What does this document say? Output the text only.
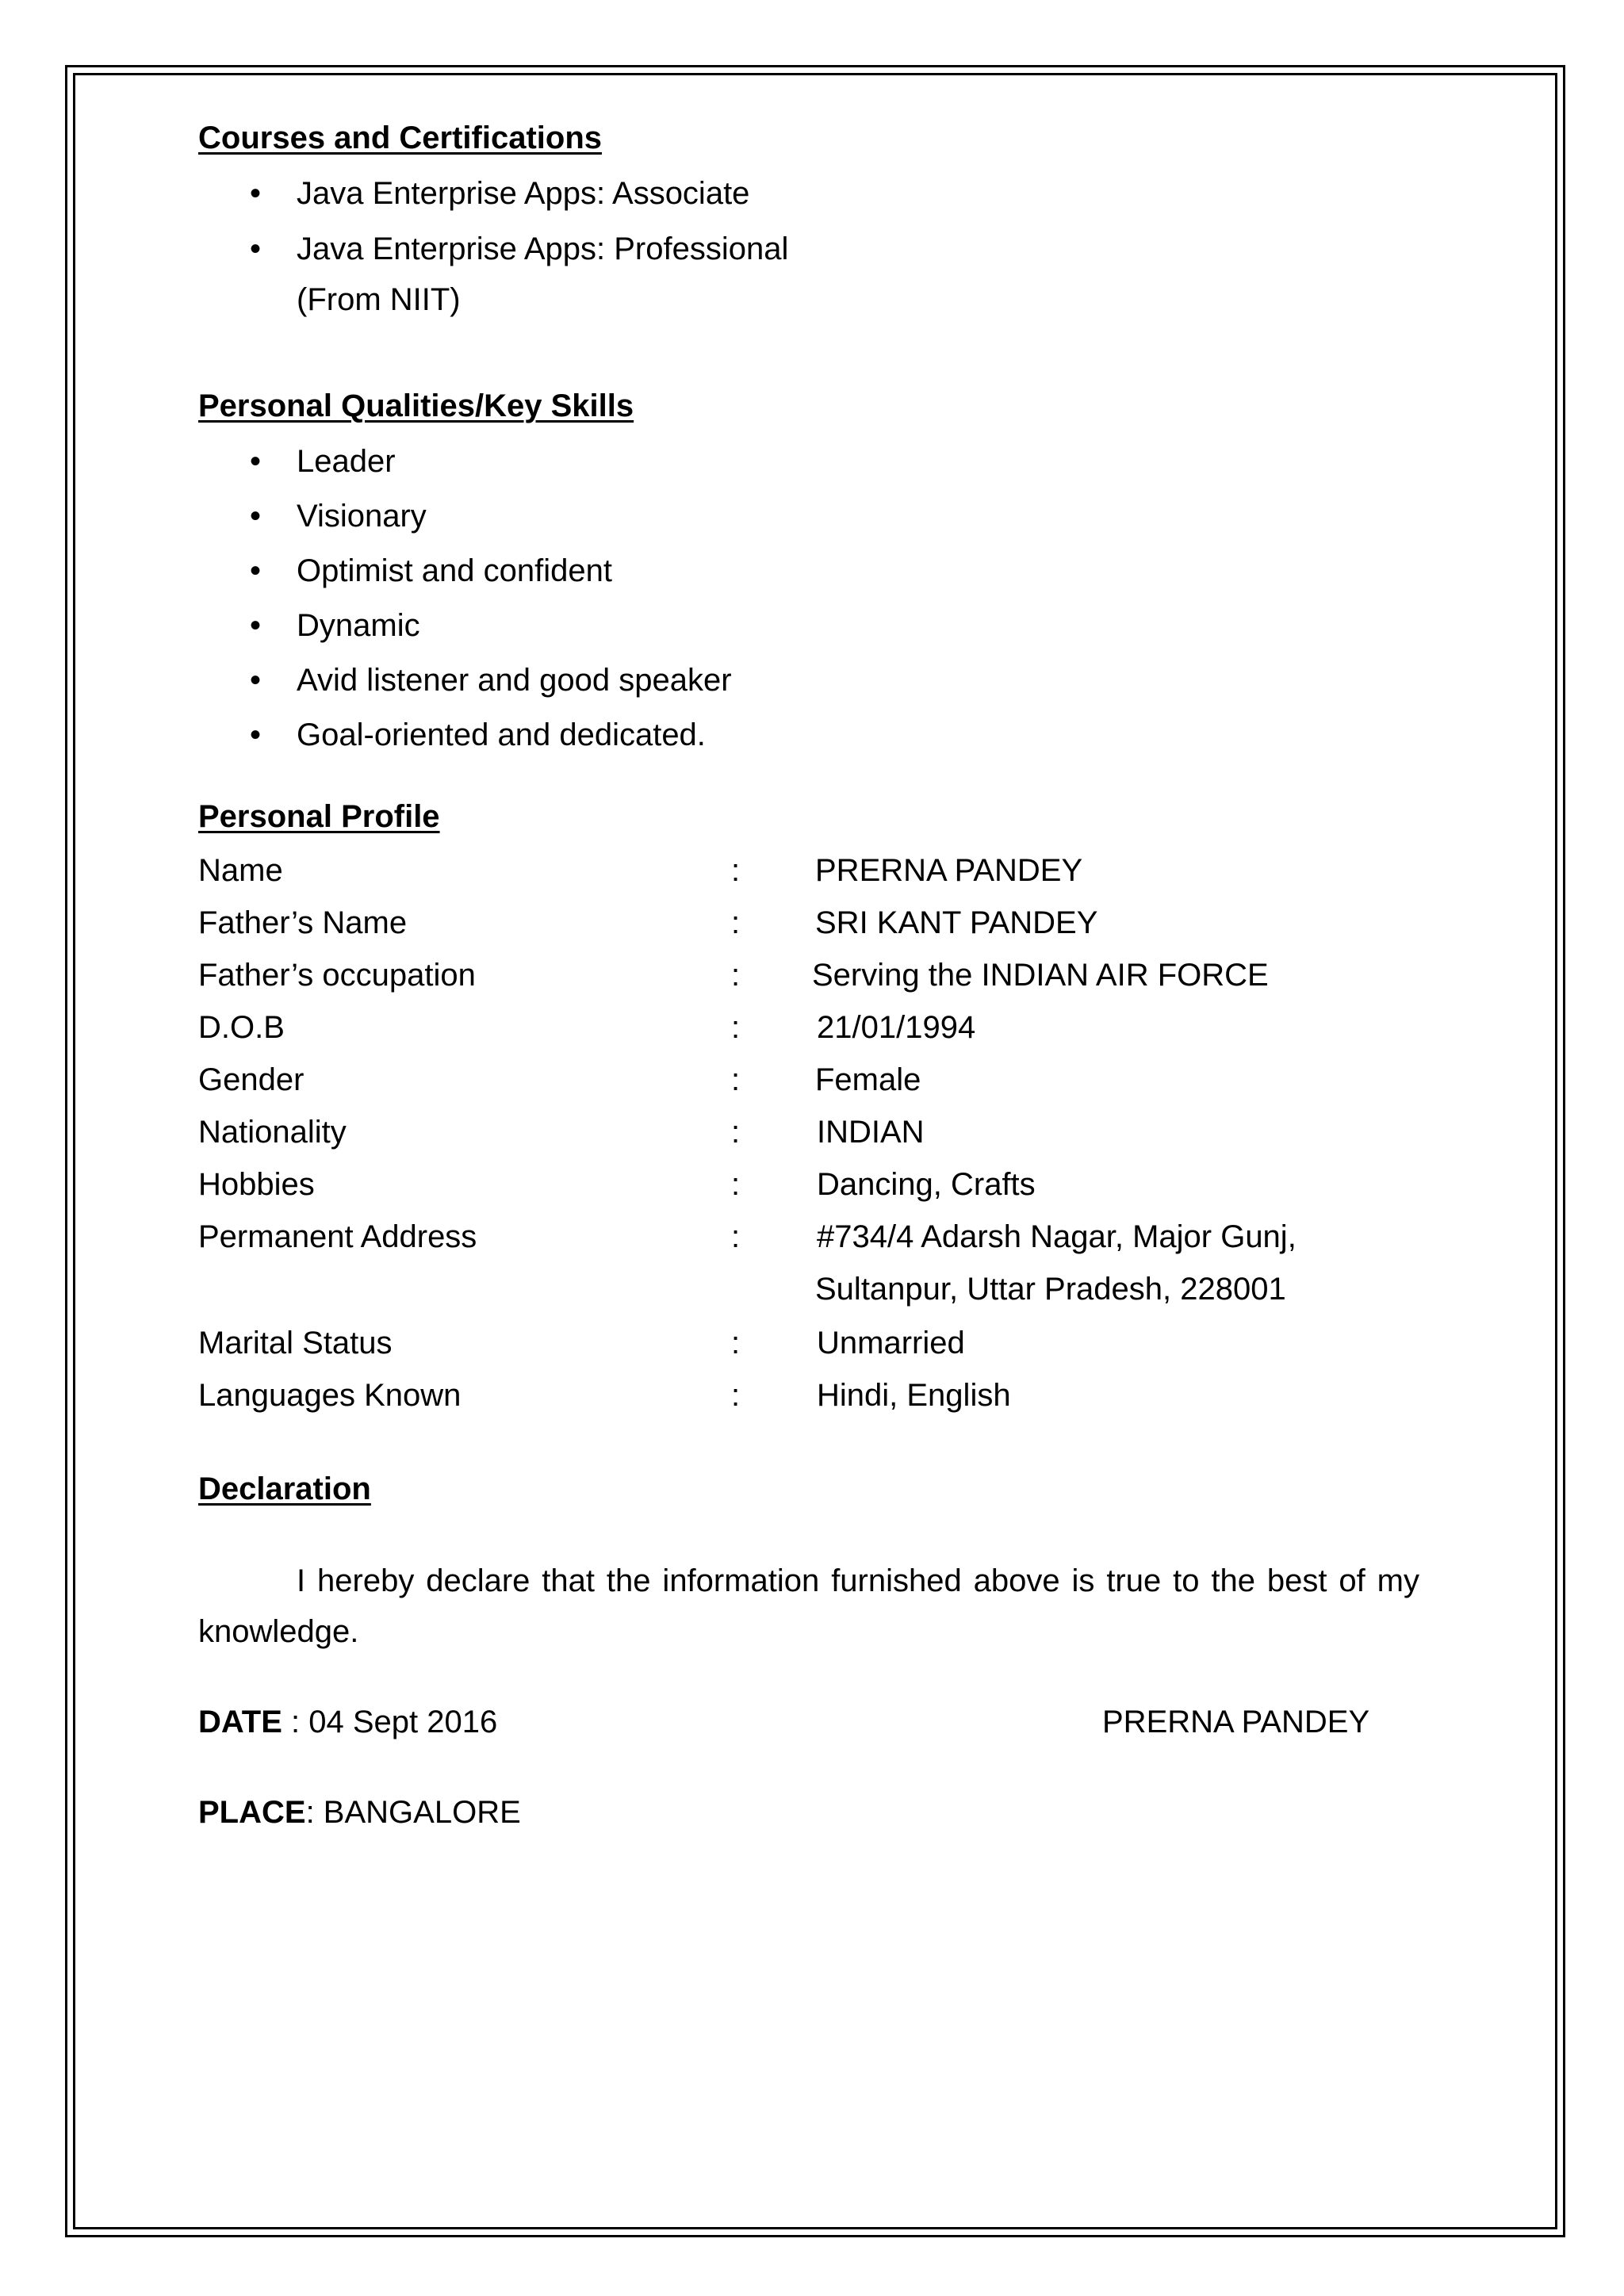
Courses and Certifications
• Java Enterprise Apps: Associate
• Java Enterprise Apps: Professional
(From NIIT)
Personal Qualities/Key Skills
• Leader
• Visionary
• Optimist and confident
• Dynamic
• Avid listener and good speaker
• Goal-oriented and dedicated.
Personal Profile
Name	: PRERNA PANDEY
Father’s Name	: SRI KANT PANDEY
Father’s occupation	: Serving the INDIAN AIR FORCE
D.O.B	: 21/01/1994
Gender	: Female
Nationality	: INDIAN
Hobbies	: Dancing, Crafts
Permanent Address	: #734/4 Adarsh Nagar, Major Gunj,
Sultanpur, Uttar Pradesh, 228001
Marital Status	: Unmarried
Languages Known	: Hindi, English
Declaration
I hereby declare that the information furnished above is true to the best of my knowledge.
DATE : 04 Sept 2016	PRERNA PANDEY
PLACE: BANGALORE
